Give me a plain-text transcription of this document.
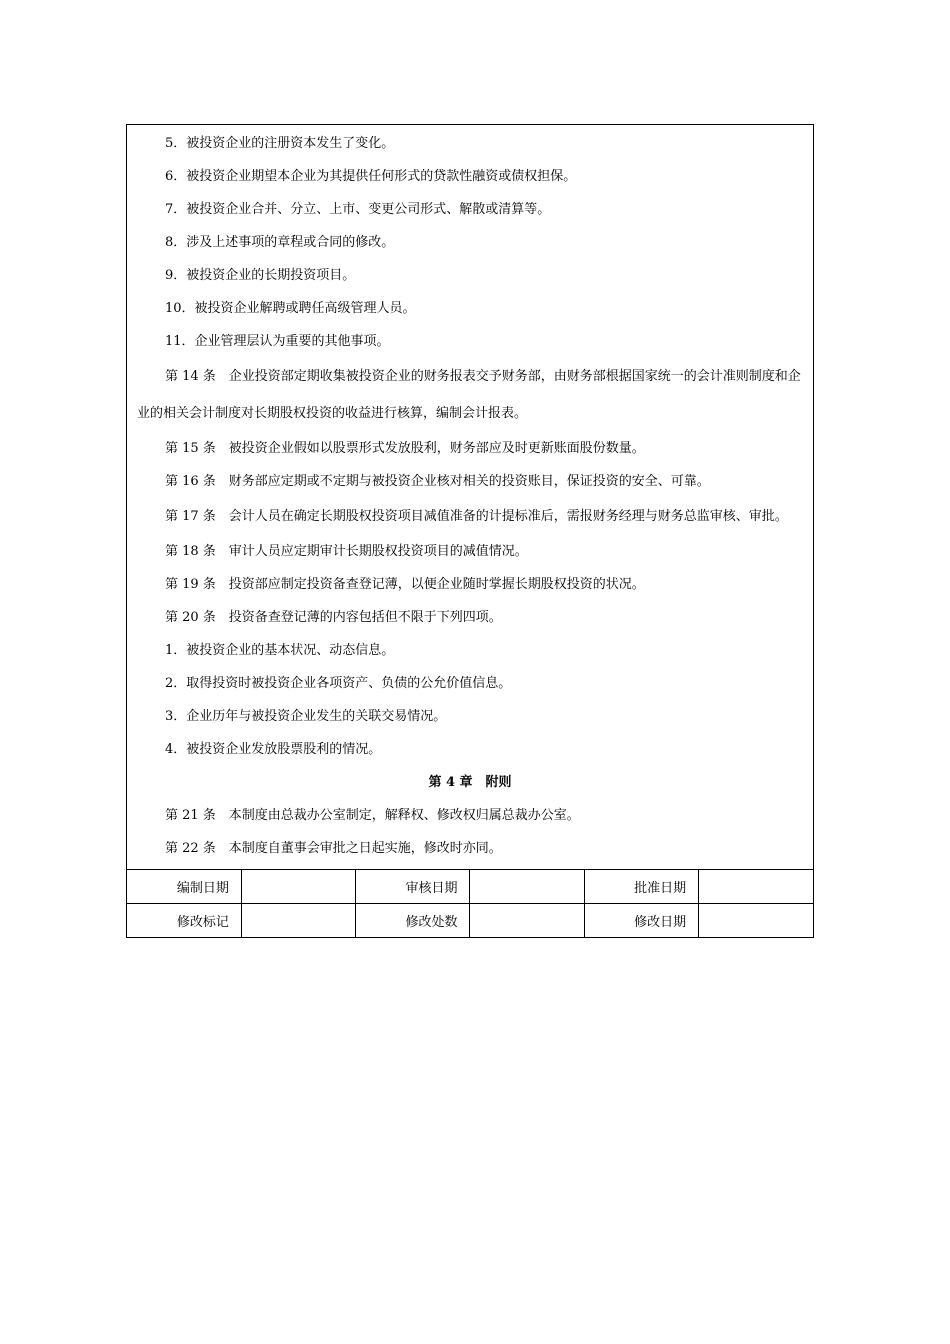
5．被投资企业的注册资本发生了变化。

6．被投资企业期望本企业为其提供任何形式的贷款性融资或债权担保。

7．被投资企业合并、分立、上市、变更公司形式、解散或清算等。

8．涉及上述事项的章程或合同的修改。

9．被投资企业的长期投资项目。

10．被投资企业解聘或聘任高级管理人员。

11．企业管理层认为重要的其他事项。

第 14 条　企业投资部定期收集被投资企业的财务报表交予财务部，由财务部根据国家统一的会计准则制度和企业的相关会计制度对长期股权投资的收益进行核算，编制会计报表。

第 15 条　被投资企业假如以股票形式发放股利，财务部应及时更新账面股份数量。

第 16 条　财务部应定期或不定期与被投资企业核对相关的投资账目，保证投资的安全、可靠。

第 17 条　会计人员在确定长期股权投资项目减值准备的计提标准后，需报财务经理与财务总监审核、审批。

第 18 条　审计人员应定期审计长期股权投资项目的减值情况。

第 19 条　投资部应制定投资备查登记薄，以便企业随时掌握长期股权投资的状况。

第 20 条　投资备查登记薄的内容包括但不限于下列四项。

1．被投资企业的基本状况、动态信息。

2．取得投资时被投资企业各项资产、负债的公允价值信息。

3．企业历年与被投资企业发生的关联交易情况。

4．被投资企业发放股票股利的情况。

第 4 章　附则

第 21 条　本制度由总裁办公室制定，解释权、修改权归属总裁办公室。

第 22 条　本制度自董事会审批之日起实施，修改时亦同。

编制日期		审核日期		批准日期	
修改标记		修改处数		修改日期	
